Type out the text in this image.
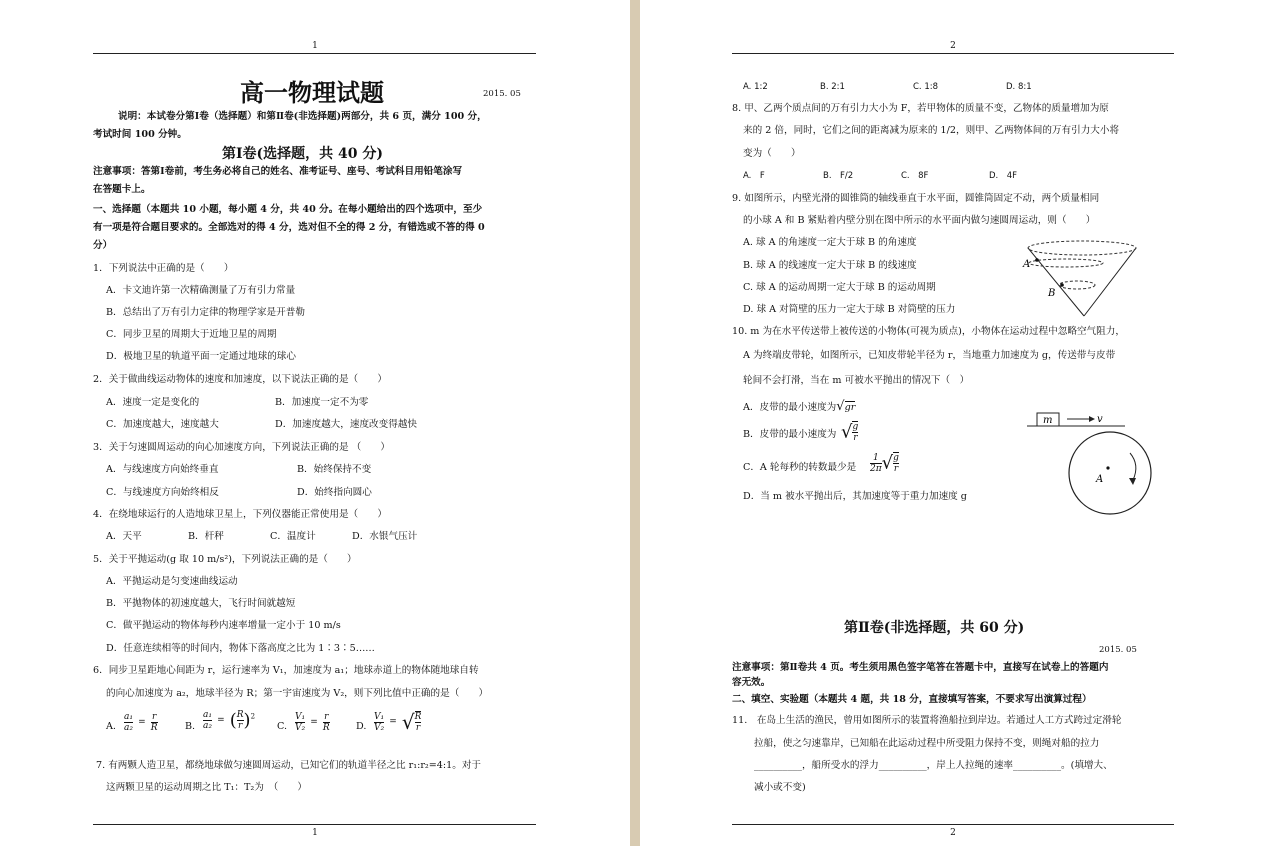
1
高一物理试题	2015. 05
说明：本试卷分第Ⅰ卷（选择题）和第Ⅱ卷(非选择题)两部分，共 6 页，满分 100 分，
考试时间 100 分钟。
第Ⅰ卷(选择题，共 40 分)
注意事项：答第Ⅰ卷前，考生务必将自己的姓名、准考证号、座号、考试科目用铅笔涂写
在答题卡上。
一、选择题（本题共 10 小题，每小题 4 分，共 40 分。在每小题给出的四个选项中，至少
有一项是符合题目要求的。全部选对的得 4 分，选对但不全的得 2 分，有错选或不答的得 0
分）
1．下列说法中正确的是（　　）
A．卡文迪许第一次精确测量了万有引力常量
B．总结出了万有引力定律的物理学家是开普勒
C．同步卫星的周期大于近地卫星的周期
D．极地卫星的轨道平面一定通过地球的球心
2．关于做曲线运动物体的速度和加速度，以下说法正确的是（　　）
A．速度一定是变化的	B．加速度一定不为零
C．加速度越大，速度越大	D．加速度越大，速度改变得越快
3．关于匀速圆周运动的向心加速度方向，下列说法正确的是 （　　）
A．与线速度方向始终垂直	B．始终保持不变
C．与线速度方向始终相反	D．始终指向圆心
4．在绕地球运行的人造地球卫星上，下列仪器能正常使用是（　　）
A．天平	B．杆秤	C．温度计	D．水银气压计
5．关于平抛运动(g 取 10 m/s²)，下列说法正确的是（　　）
A．平抛运动是匀变速曲线运动
B．平抛物体的初速度越大，飞行时间就越短
C．做平抛运动的物体每秒内速率增量一定小于 10 m/s
D．任意连续相等的时间内，物体下落高度之比为 1∶3∶5……
6．同步卫星距地心间距为 r，运行速率为 V₁，加速度为 a₁；地球赤道上的物体随地球自转
的向心加速度为 a₂，地球半径为 R；第一宇宙速度为 V₂，则下列比值中正确的是（　　）
A. $\frac{\text{a₁}}{\text{a₂}} = \frac{r}{R}$	B. $\frac{\text{a₁}}{\text{a₂}}$ = ( $\frac{R}{r} )^2$
C. $\frac{\text{V₁}}{\text{V₂}} = \frac{r}{R}$	D. $\frac{\text{V₁}}{\text{V₂}}$ = √ $\frac{R}{r}$
7. 有两颗人造卫星，都绕地球做匀速圆周运动，已知它们的轨道半径之比 r₁:r₂=4:1。对于
这两颗卫星的运动周期之比 T₁：T₂为　（　　）
1
2
A. 1:2	B. 2:1	C. 1:8	D. 8:1
8. 甲、乙两个质点间的万有引力大小为 F，若甲物体的质量不变，乙物体的质量增加为原
来的 2 倍，同时，它们之间的距离减为原来的 1/2，则甲、乙两物体间的万有引力大小将
变为（　　）
A.　F	B.　F/2	C.　8F	D.　4F
9. 如图所示，内壁光滑的圆锥筒的轴线垂直于水平面，圆锥筒固定不动，两个质量相同
的小球 A 和 B 紧贴着内壁分别在图中所示的水平面内做匀速圆周运动，则（　　）
A. 球 A 的角速度一定大于球 B 的角速度
B. 球 A 的线速度一定大于球 B 的线速度
C. 球 A 的运动周期一定大于球 B 的运动周期
D. 球 A 对筒壁的压力一定大于球 B 对筒壁的压力
A
B
10. m 为在水平传送带上被传送的小物体(可视为质点)，小物体在运动过程中忽略空气阻力，
A 为终端皮带轮，如图所示，已知皮带轮半径为 r，当地重力加速度为 g，传送带与皮带
轮间不会打滑，当在 m 可被水平抛出的情况下（　）
A．皮带的最小速度为√gr
B．皮带的最小速度为 √ $\frac{g}{r}$
C．A 轮每秒的转数最少是 $\frac{1}{2\pi}$ √ $\frac{g}{r}$
D．当 m 被水平抛出后，其加速度等于重力加速度 g
m	v
A
第Ⅱ卷(非选择题，共 60 分)
2015. 05
注意事项：第Ⅱ卷共 4 页。考生须用黑色签字笔答在答题卡中，直接写在试卷上的答题内
容无效。
二、填空、实验题（本题共 4 题，共 18 分，直接填写答案，不要求写出演算过程）
11.　在岛上生活的渔民，曾用如图所示的装置将渔船拉到岸边。若通过人工方式跨过定滑轮
拉船，使之匀速靠岸，已知船在此运动过程中所受阻力保持不变，则绳对船的拉力
__________，船所受水的浮力__________，岸上人拉绳的速率__________。(填增大、
减小或不变)
2
